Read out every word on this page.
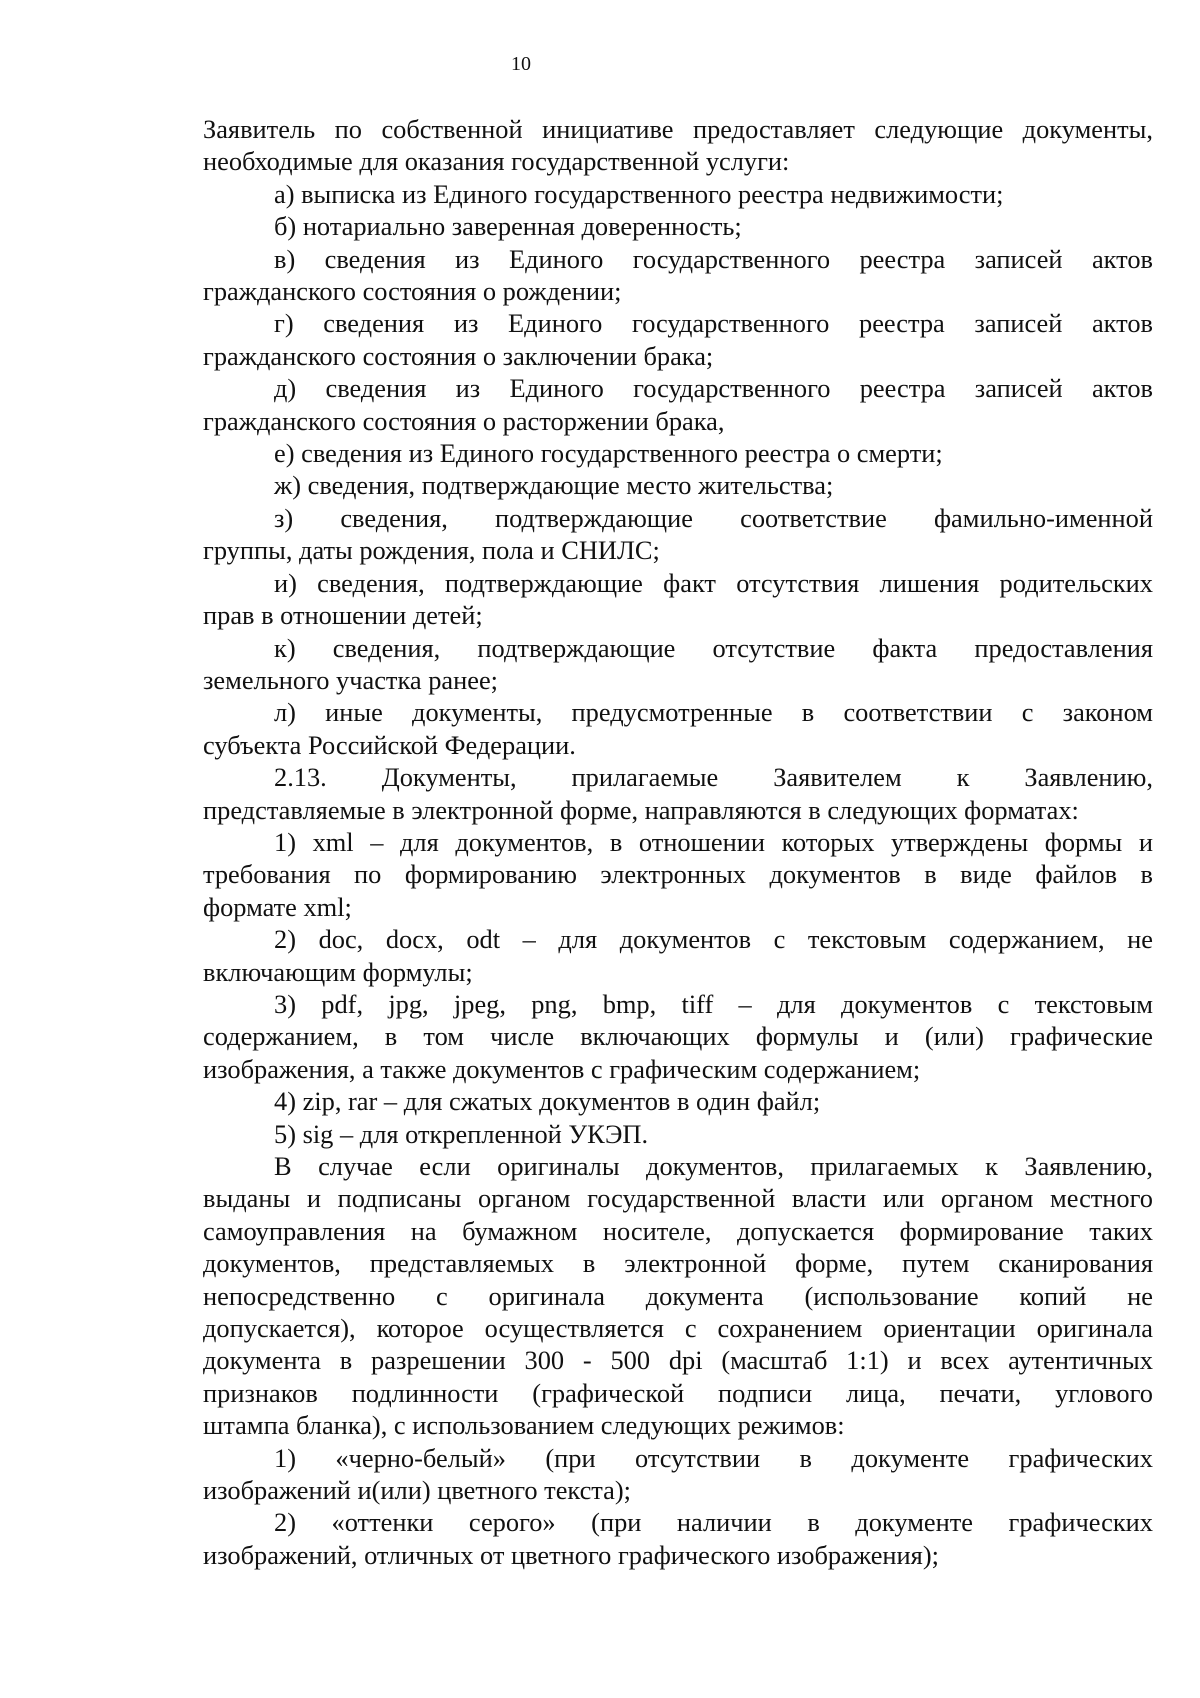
10
Заявитель по собственной инициативе предоставляет следующие документы,
необходимые для оказания государственной услуги:
а) выписка из Единого государственного реестра недвижимости;
б) нотариально заверенная доверенность;
в) сведения из Единого государственного реестра записей актов
гражданского состояния о рождении;
г) сведения из Единого государственного реестра записей актов
гражданского состояния о заключении брака;
д) сведения из Единого государственного реестра записей актов
гражданского состояния о расторжении брака,
е) сведения из Единого государственного реестра о смерти;
ж) сведения, подтверждающие место жительства;
з) сведения, подтверждающие соответствие фамильно-именной
группы, даты рождения, пола и СНИЛС;
и) сведения, подтверждающие факт отсутствия лишения родительских
прав в отношении детей;
к) сведения, подтверждающие отсутствие факта предоставления
земельного участка ранее;
л) иные документы, предусмотренные в соответствии с законом
субъекта Российской Федерации.
2.13. Документы, прилагаемые Заявителем к Заявлению,
представляемые в электронной форме, направляются в следующих форматах:
1) xml – для документов, в отношении которых утверждены формы и
требования по формированию электронных документов в виде файлов в
формате xml;
2) doc, docx, odt – для документов с текстовым содержанием, не
включающим формулы;
3) pdf, jpg, jpeg, png, bmp, tiff – для документов с текстовым
содержанием, в том числе включающих формулы и (или) графические
изображения, а также документов с графическим содержанием;
4) zip, rar – для сжатых документов в один файл;
5) sig – для открепленной УКЭП.
В случае если оригиналы документов, прилагаемых к Заявлению,
выданы и подписаны органом государственной власти или органом местного
самоуправления на бумажном носителе, допускается формирование таких
документов, представляемых в электронной форме, путем сканирования
непосредственно с оригинала документа (использование копий не
допускается), которое осуществляется с сохранением ориентации оригинала
документа в разрешении 300 - 500 dpi (масштаб 1:1) и всех аутентичных
признаков подлинности (графической подписи лица, печати, углового
штампа бланка), с использованием следующих режимов:
1) «черно-белый» (при отсутствии в документе графических
изображений и(или) цветного текста);
2) «оттенки серого» (при наличии в документе графических
изображений, отличных от цветного графического изображения);
